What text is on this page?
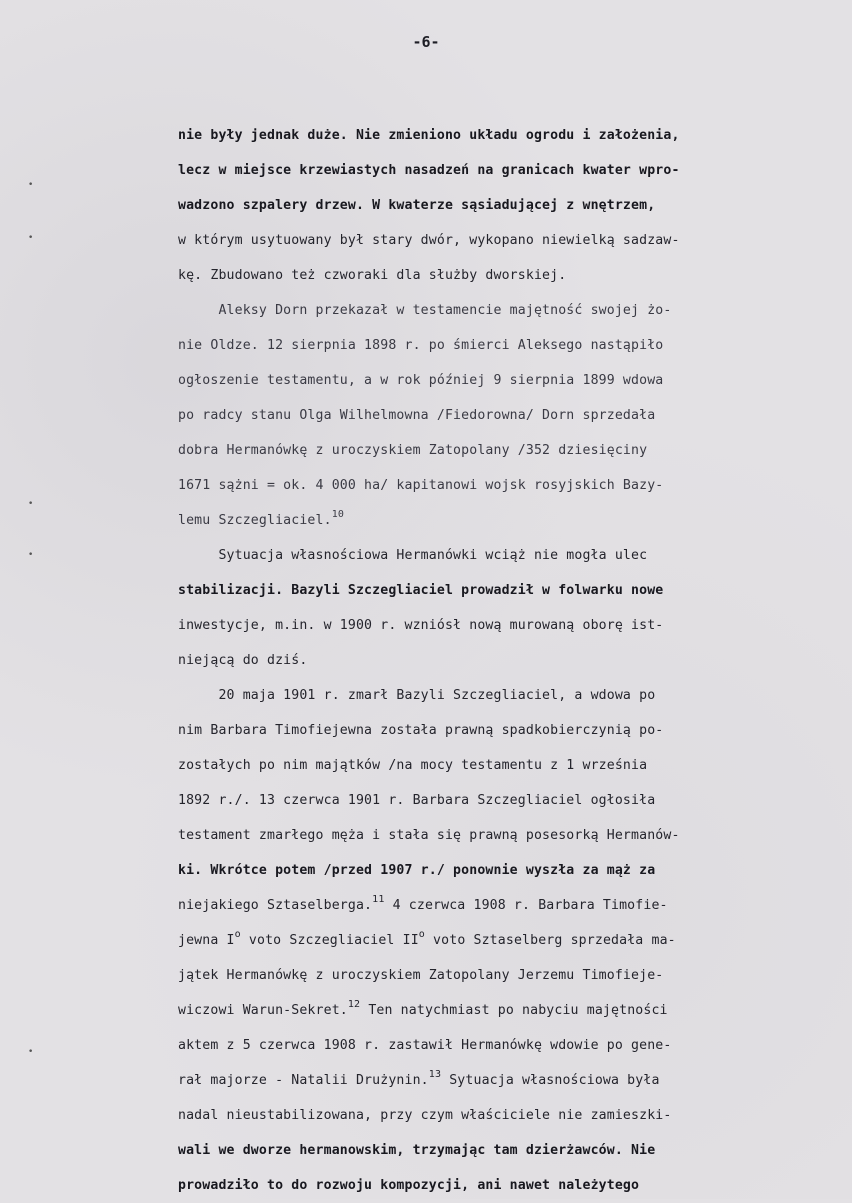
-6-
•
•
•
•
•
nie były jednak duże. Nie zmieniono układu ogrodu i założenia,
lecz w miejsce krzewiastych nasadzeń na granicach kwater wpro-
wadzono szpalery drzew. W kwaterze sąsiadującej z wnętrzem,
w którym usytuowany był stary dwór, wykopano niewielką sadzaw-
kę. Zbudowano też czworaki dla służby dworskiej.
Aleksy Dorn przekazał w testamencie majętność swojej żo-
nie Oldze. 12 sierpnia 1898 r. po śmierci Aleksego nastąpiło
ogłoszenie testamentu, a w rok później 9 sierpnia 1899 wdowa
po radcy stanu Olga Wilhelmowna /Fiedorowna/ Dorn sprzedała
dobra Hermanówkę z uroczyskiem Zatopolany /352 dziesięciny
1671 sążni = ok. 4 000 ha/ kapitanowi wojsk rosyjskich Bazy-
lemu Szczegliaciel.$^{10}$
Sytuacja własnościowa Hermanówki wciąż nie mogła ulec
stabilizacji. Bazyli Szczegliaciel prowadził w folwarku nowe
inwestycje, m.in. w 1900 r. wzniósł nową murowaną oborę ist-
niejącą do dziś.
20 maja 1901 r. zmarł Bazyli Szczegliaciel, a wdowa po
nim Barbara Timofiejewna została prawną spadkobierczynią po-
zostałych po nim majątków /na mocy testamentu z 1 września
1892 r./. 13 czerwca 1901 r. Barbara Szczegliaciel ogłosiła
testament zmarłego męża i stała się prawną posesorką Hermanów-
ki. Wkrótce potem /przed 1907 r./ ponownie wyszła za mąż za
niejakiego Sztaselberga.$^{11}$ 4 czerwca 1908 r. Barbara Timofie-
jewna $I^o$ voto Szczegliaciel $II^o$ voto Sztaselberg sprzedała ma-
jątek Hermanówkę z uroczyskiem Zatopolany Jerzemu Timofieje-
wiczowi Warun-Sekret.$^{12}$ Ten natychmiast po nabyciu majętności
aktem z 5 czerwca 1908 r. zastawił Hermanówkę wdowie po gene-
rał majorze - Natalii Drużynin.$^{13}$ Sytuacja własnościowa była
nadal nieustabilizowana, przy czym właściciele nie zamieszki-
wali we dworze hermanowskim, trzymając tam dzierżawców. Nie
prowadziło to do rozwoju kompozycji, ani nawet należytego
